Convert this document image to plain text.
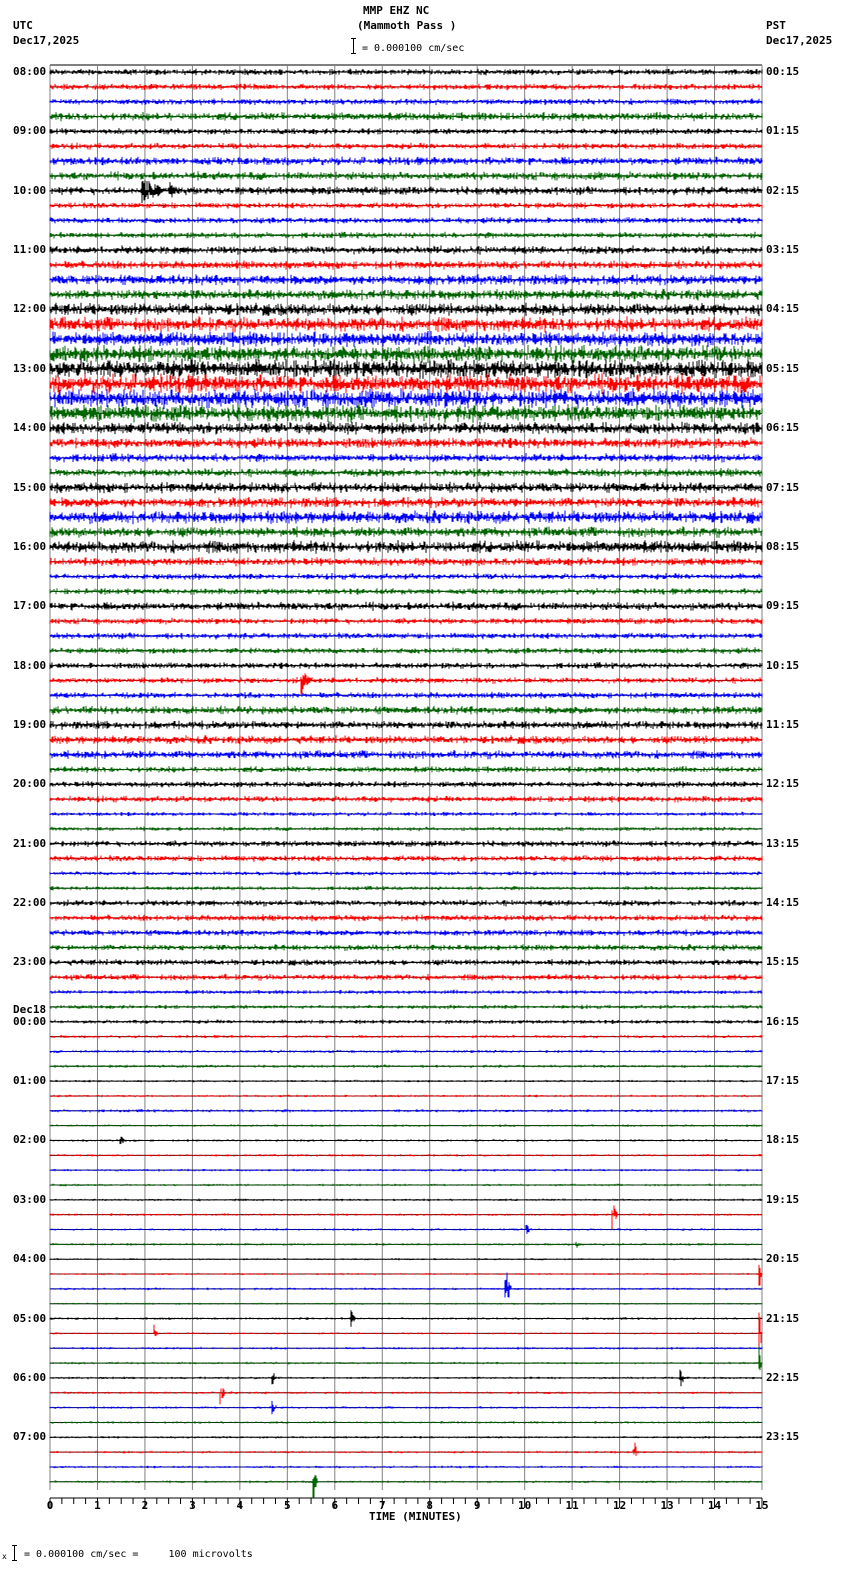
MMP EHZ NC
(Mammoth Pass )
= 0.000100 cm/sec
UTC
Dec17,2025
PST
Dec17,2025
08:00
09:00
10:00
11:00
12:00
13:00
14:00
15:00
16:00
17:00
18:00
19:00
20:00
21:00
22:00
23:00
00:00
01:00
02:00
03:00
04:00
05:00
06:00
07:00
00:15
01:15
02:15
03:15
04:15
05:15
06:15
07:15
08:15
09:15
10:15
11:15
12:15
13:15
14:15
15:15
16:15
17:15
18:15
19:15
20:15
21:15
22:15
23:15
Dec18
0	1	2	3	4	5	6	7	8	9	10	11	12	13	14	15
TIME (MINUTES)
x = 0.000100 cm/sec =     100 microvolts
